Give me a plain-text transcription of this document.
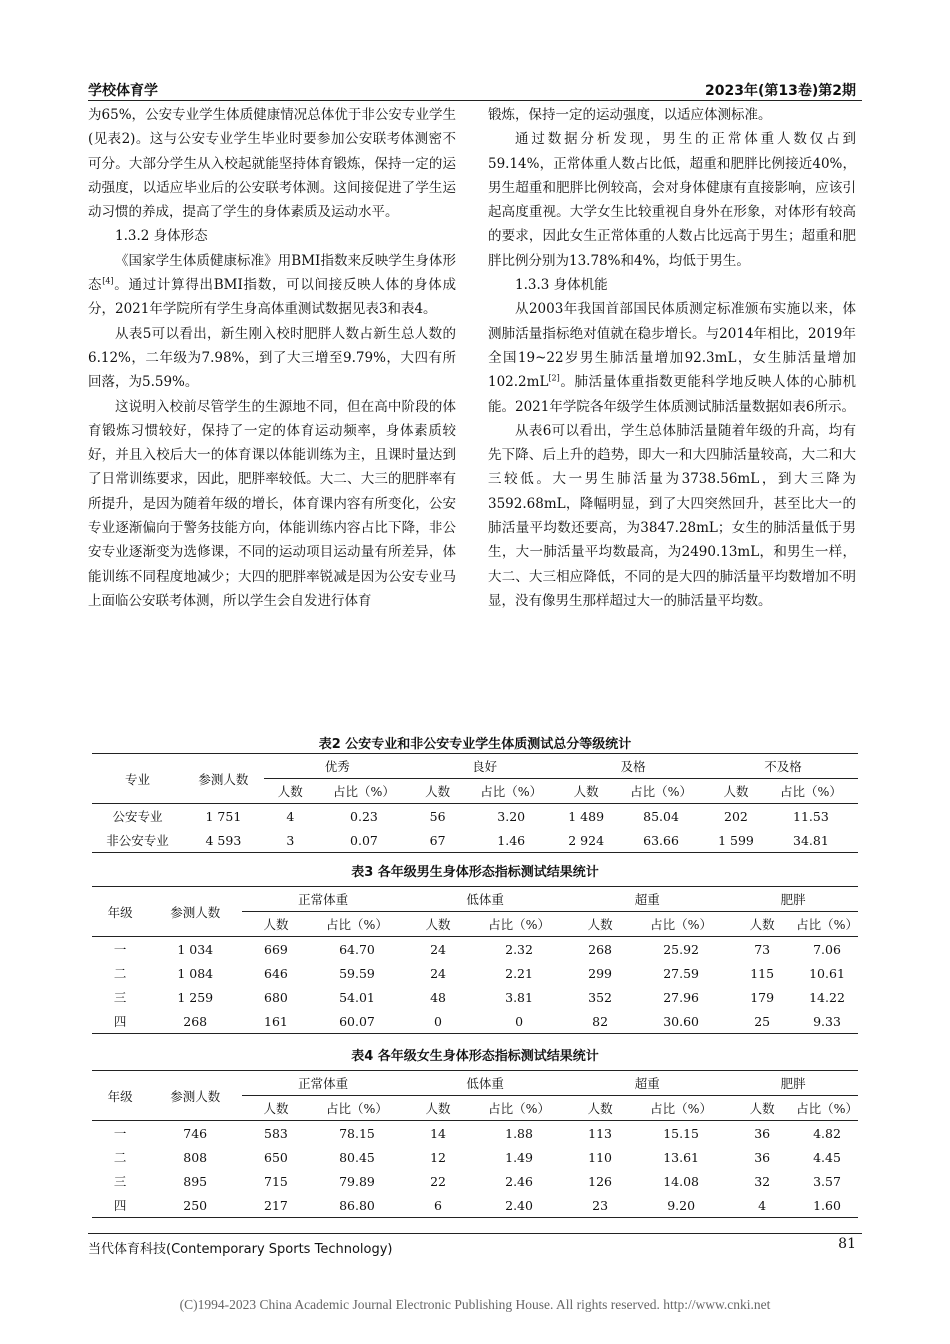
学校体育学	2023年(第13卷)第2期

为65%，公安专业学生体质健康情况总体优于非公安专业学生(见表2)。这与公安专业学生毕业时要参加公安联考体测密不可分。大部分学生从入校起就能坚持体育锻炼，保持一定的运动强度，以适应毕业后的公安联考体测。这间接促进了学生运动习惯的养成，提高了学生的身体素质及运动水平。

1.3.2 身体形态

《国家学生体质健康标准》用BMI指数来反映学生身体形态[4]。通过计算得出BMI指数，可以间接反映人体的身体成分，2021年学院所有学生身高体重测试数据见表3和表4。

从表5可以看出，新生刚入校时肥胖人数占新生总人数的6.12%，二年级为7.98%，到了大三增至9.79%，大四有所回落，为5.59%。

这说明入校前尽管学生的生源地不同，但在高中阶段的体育锻炼习惯较好，保持了一定的体育运动频率，身体素质较好，并且入校后大一的体育课以体能训练为主，且课时量达到了日常训练要求，因此，肥胖率较低。大二、大三的肥胖率有所提升，是因为随着年级的增长，体育课内容有所变化，公安专业逐渐偏向于警务技能方向，体能训练内容占比下降，非公安专业逐渐变为选修课，不同的运动项目运动量有所差异，体能训练不同程度地减少；大四的肥胖率锐减是因为公安专业马上面临公安联考体测，所以学生会自发进行体育

锻炼，保持一定的运动强度，以适应体测标准。

通过数据分析发现，男生的正常体重人数仅占到59.14%，正常体重人数占比低，超重和肥胖比例接近40%，男生超重和肥胖比例较高，会对身体健康有直接影响，应该引起高度重视。大学女生比较重视自身外在形象，对体形有较高的要求，因此女生正常体重的人数占比远高于男生；超重和肥胖比例分别为13.78%和4%，均低于男生。

1.3.3 身体机能

从2003年我国首部国民体质测定标准颁布实施以来，体测肺活量指标绝对值就在稳步增长。与2014年相比，2019年全国19~22岁男生肺活量增加92.3mL，女生肺活量增加102.2mL[2]。肺活量体重指数更能科学地反映人体的心肺机能。2021年学院各年级学生体质测试肺活量数据如表6所示。

从表6可以看出，学生总体肺活量随着年级的升高，均有先下降、后上升的趋势，即大一和大四肺活量较高，大二和大三较低。大一男生肺活量为3738.56mL，到大三降为3592.68mL，降幅明显，到了大四突然回升，甚至比大一的肺活量平均数还要高，为3847.28mL；女生的肺活量低于男生，大一肺活量平均数最高，为2490.13mL，和男生一样，大二、大三相应降低，不同的是大四的肺活量平均数增加不明显，没有像男生那样超过大一的肺活量平均数。

表2 公安专业和非公安专业学生体质测试总分等级统计
专业	参测人数	优秀		良好		及格		不及格	
		人数	占比（%）	人数	占比（%）	人数	占比（%）	人数	占比（%）
公安专业	1 751	4	0.23	56	3.20	1 489	85.04	202	11.53
非公安专业	4 593	3	0.07	67	1.46	2 924	63.66	1 599	34.81
表3 各年级男生身体形态指标测试结果统计
年级	参测人数	正常体重		低体重		超重		肥胖	
		人数	占比（%）	人数	占比（%）	人数	占比（%）	人数	占比（%）
一	1 034	669	64.70	24	2.32	268	25.92	73	7.06
二	1 084	646	59.59	24	2.21	299	27.59	115	10.61
三	1 259	680	54.01	48	3.81	352	27.96	179	14.22
四	268	161	60.07	0	0	82	30.60	25	9.33
表4 各年级女生身体形态指标测试结果统计
年级	参测人数	正常体重		低体重		超重		肥胖	
		人数	占比（%）	人数	占比（%）	人数	占比（%）	人数	占比（%）
一	746	583	78.15	14	1.88	113	15.15	36	4.82
二	808	650	80.45	12	1.49	110	13.61	36	4.45
三	895	715	79.89	22	2.46	126	14.08	32	3.57
四	250	217	86.80	6	2.40	23	9.20	4	1.60
当代体育科技(Contemporary Sports Technology)	81
(C)1994-2023 China Academic Journal Electronic Publishing House. All rights reserved. http://www.cnki.net
